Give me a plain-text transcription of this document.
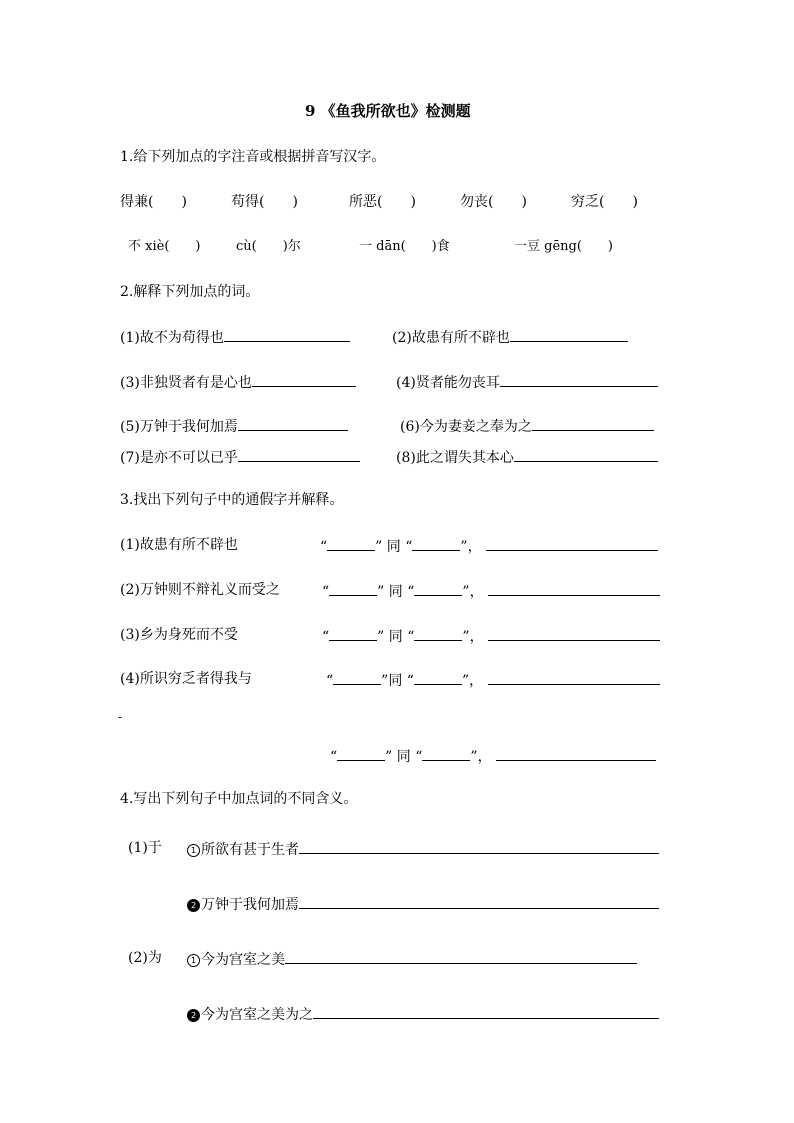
9 《鱼我所欲也》检测题
1.给下列加点的字注音或根据拼音写汉字。
得兼(　　)	苟得(　　)	所恶(　　)	勿丧(　　)	穷乏(　　)
不 xiè(　　)	cù(　　)尔	一 dān(　　)食	一豆 gēng(　　)
2.解释下列加点的词。
(1)故不为苟得也	(2)故患有所不辟也
(3)非独贤者有是心也	(4)贤者能勿丧耳
(5)万钟于我何加焉	(6)今为妻妾之奉为之
(7)是亦不可以已乎	(8)此之谓失其本心
3.找出下列句子中的通假字并解释。
(1)故患有所不辟也	“	” 同 “	”，
(2)万钟则不辩礼义而受之	“	” 同 “	”，
(3)乡为身死而不受	“	” 同 “	”，
(4)所识穷乏者得我与	“	”同 “	”，
-
“	” 同 “	”，
4.写出下列句子中加点词的不同含义。
(1)于	1 所欲有甚于生者
2 万钟于我何加焉
(2)为	1 今为宫室之美
2 今为宫室之美为之
